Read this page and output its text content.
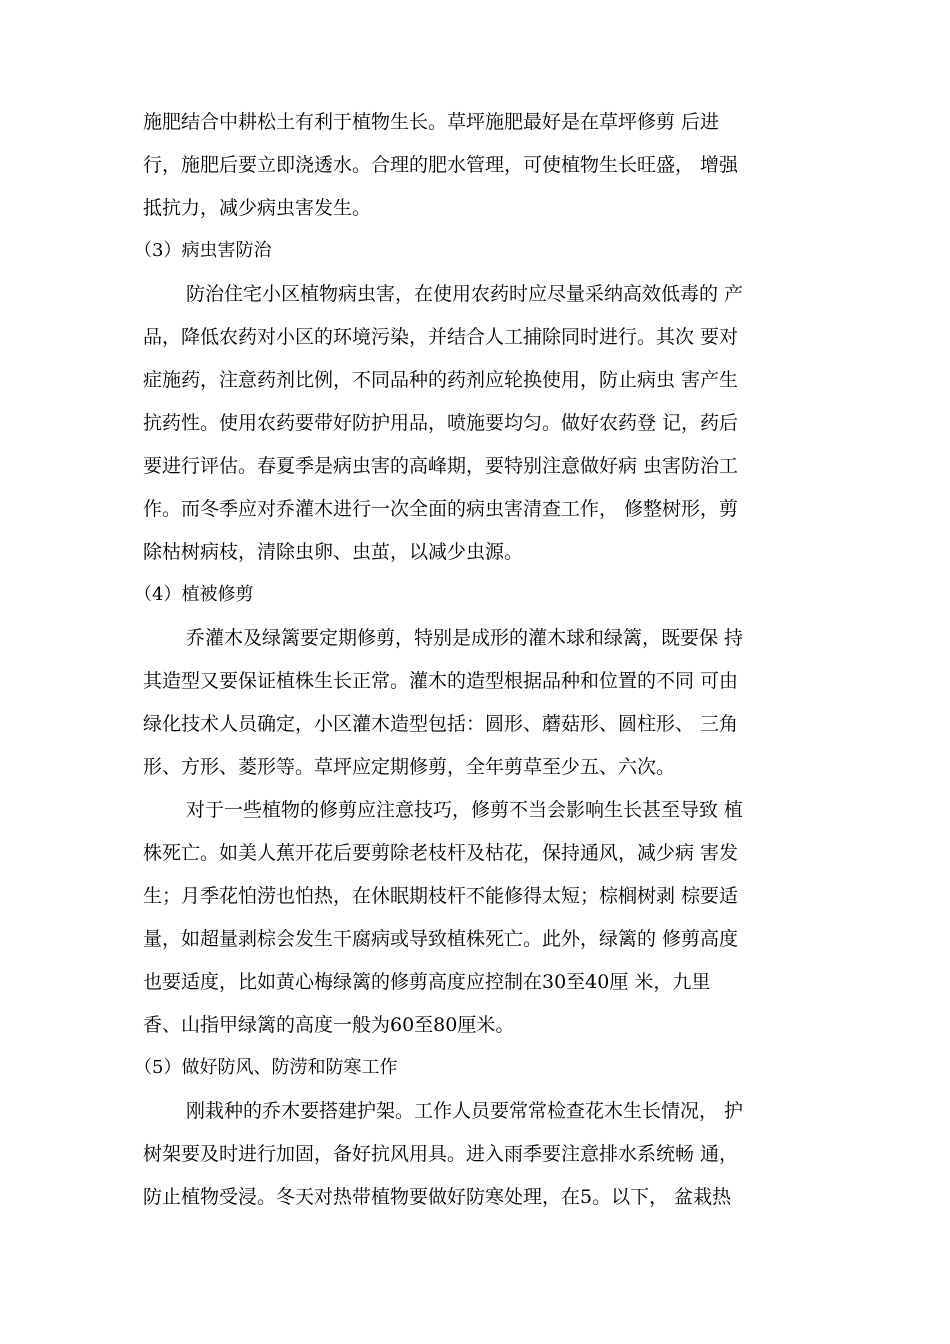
施肥结合中耕松土有利于植物生长。草坪施肥最好是在草坪修剪 后进
行，施肥后要立即浇透水。合理的肥水管理，可使植物生长旺盛， 增强
抵抗力，减少病虫害发生。
（3）病虫害防治
防治住宅小区植物病虫害，在使用农药时应尽量采纳高效低毒的 产
品，降低农药对小区的环境污染，并结合人工捕除同时进行。其次 要对
症施药，注意药剂比例，不同品种的药剂应轮换使用，防止病虫 害产生
抗药性。使用农药要带好防护用品，喷施要均匀。做好农药登 记，药后
要进行评估。春夏季是病虫害的高峰期，要特别注意做好病 虫害防治工
作。而冬季应对乔灌木进行一次全面的病虫害清查工作， 修整树形，剪
除枯树病枝，清除虫卵、虫茧，以减少虫源。
（4）植被修剪
乔灌木及绿篱要定期修剪，特别是成形的灌木球和绿篱，既要保 持
其造型又要保证植株生长正常。灌木的造型根据品种和位置的不同 可由
绿化技术人员确定，小区灌木造型包括：圆形、蘑菇形、圆柱形、 三角
形、方形、菱形等。草坪应定期修剪，全年剪草至少五、六次。
对于一些植物的修剪应注意技巧，修剪不当会影响生长甚至导致 植
株死亡。如美人蕉开花后要剪除老枝杆及枯花，保持通风，减少病 害发
生；月季花怕涝也怕热，在休眠期枝杆不能修得太短；棕榈树剥 棕要适
量，如超量剥棕会发生干腐病或导致植株死亡。此外，绿篱的 修剪高度
也要适度，比如黄心梅绿篱的修剪高度应控制在30至40厘 米，九里
香、山指甲绿篱的高度一般为60至80厘米。
（5）做好防风、防涝和防寒工作
刚栽种的乔木要搭建护架。工作人员要常常检查花木生长情况， 护
树架要及时进行加固，备好抗风用具。进入雨季要注意排水系统畅 通，
防止植物受浸。冬天对热带植物要做好防寒处理，在5。以下， 盆栽热
